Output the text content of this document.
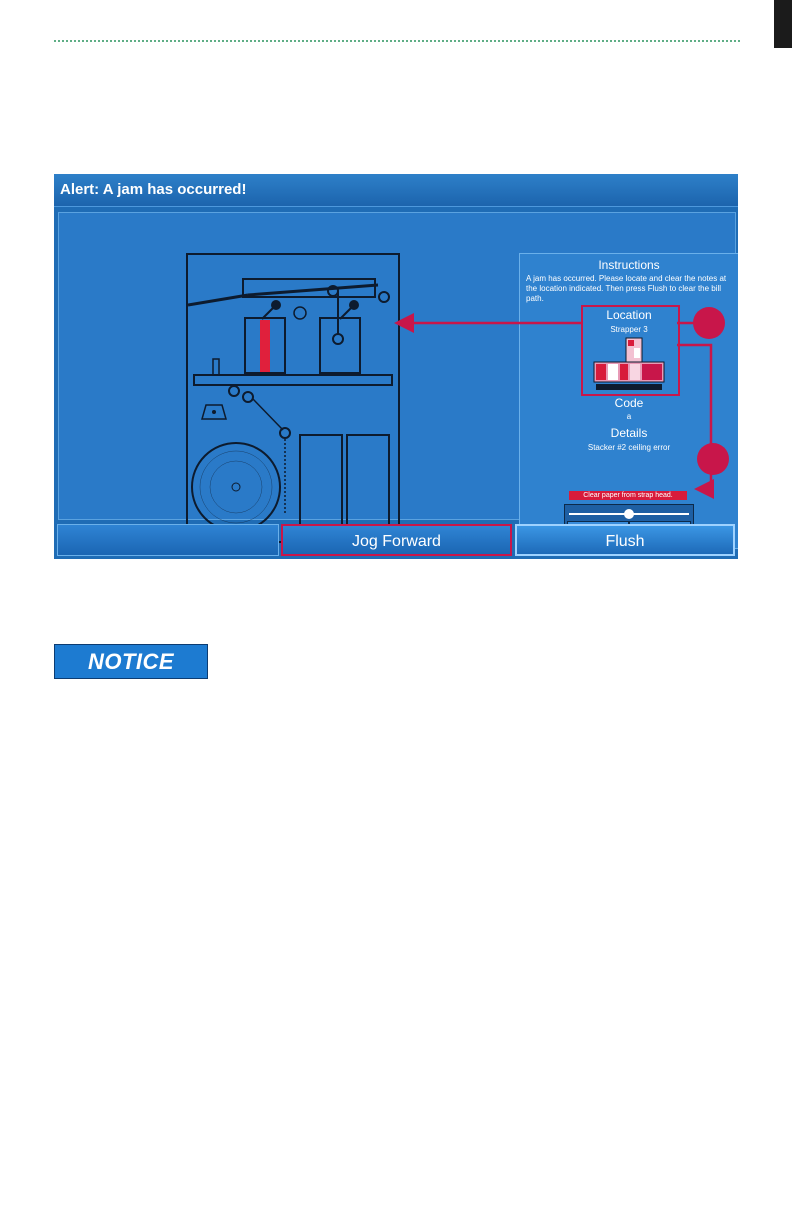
Alert: A jam has occurred!
Instructions
A jam has occurred. Please locate and clear the notes at the location indicated. Then press Flush to clear the bill path.
Location
Strapper 3
Code
a
Details
Stacker #2 ceiling error
Clear paper from strap head.
Jog Forward	Flush
NOTICE
